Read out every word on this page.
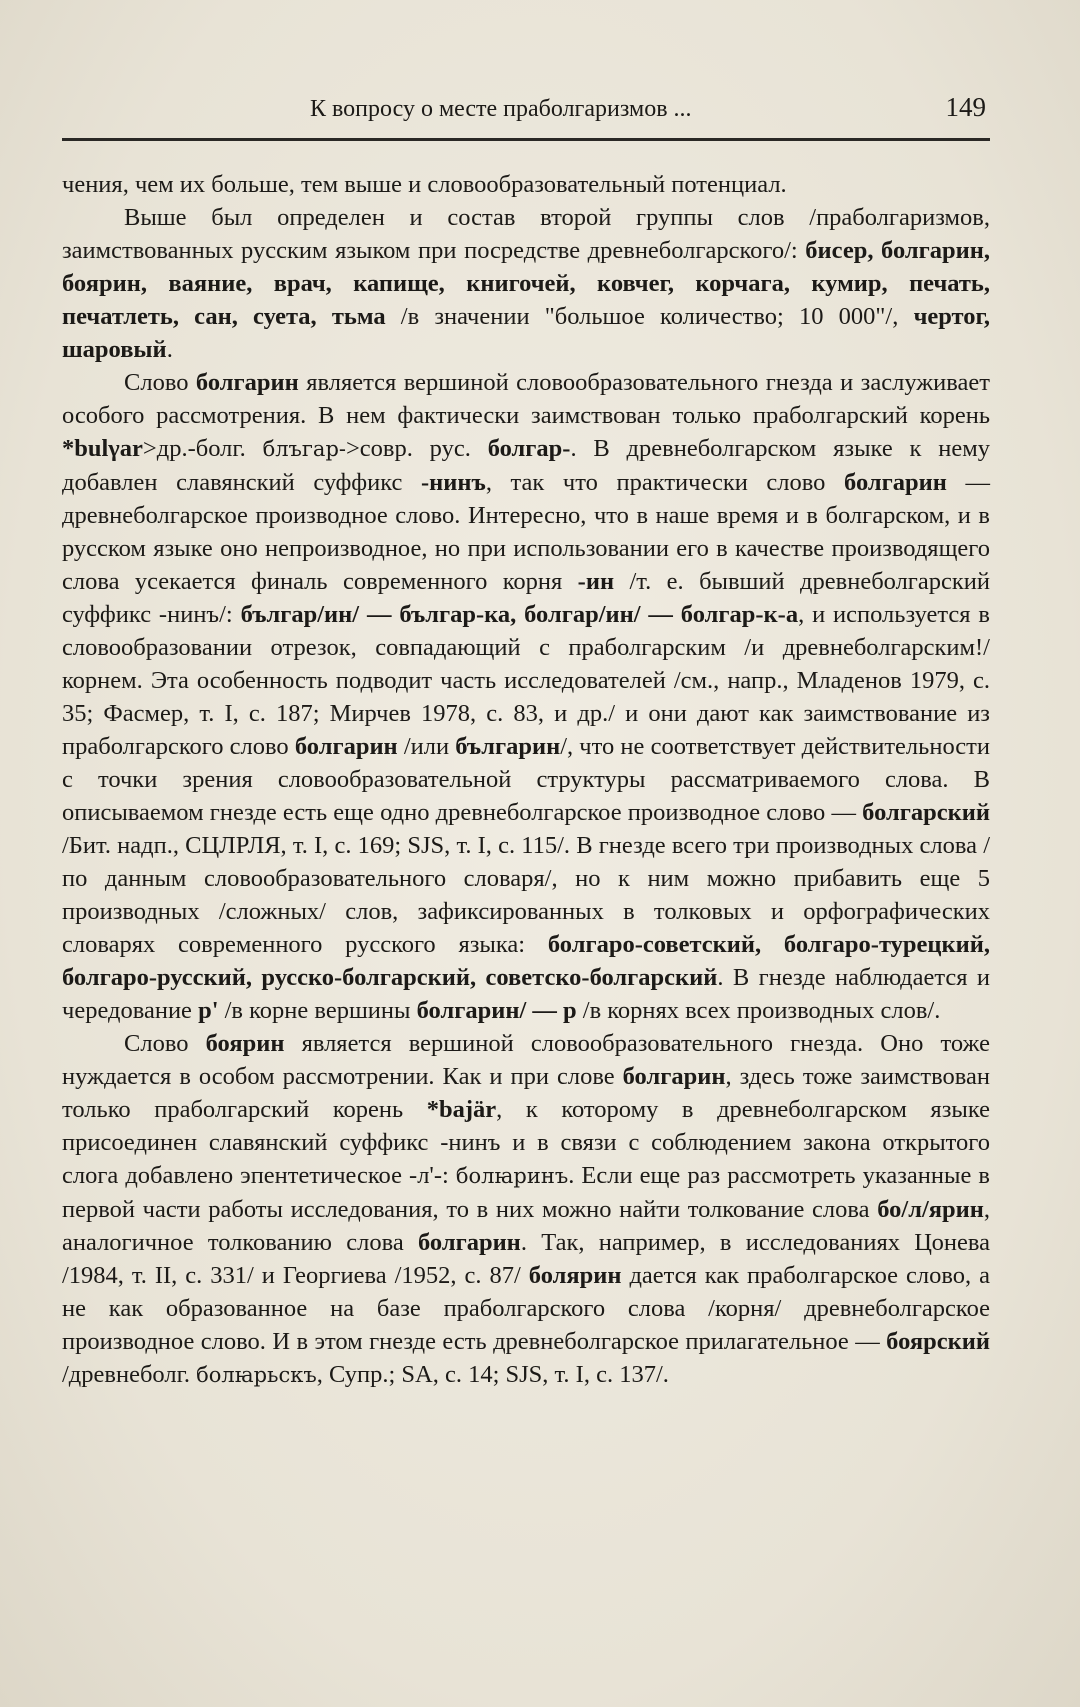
К вопросу о месте праболгаризмов ...	149

чения, чем их больше, тем выше и словообразовательный потенциал.

Выше был определен и состав второй группы слов /праболгаризмов, заимствованных русским языком при посредстве древнеболгарского/: бисер, болгарин, боярин, ваяние, врач, капище, книгочей, ковчег, корчага, кумир, печать, печатлеть, сан, суета, тьма /в значении "большое количество; 10 000"/, чертог, шаровый.

Слово болгарин является вершиной словообразовательного гнезда и заслуживает особого рассмотрения. В нем фактически заимствован только праболгарский корень *bulγar>др.-болг. блъгар->совр. рус. болгар-. В древнеболгарском языке к нему добавлен славянский суффикс -нинъ, так что практически слово болгарин — древнеболгарское производное слово. Интересно, что в наше время и в болгарском, и в русском языке оно непроизводное, но при использовании его в качестве производящего слова усекается финаль современного корня -ин /т. е. бывший древнеболгарский суффикс -нинъ/: българ/ин/ — българ-ка, болгар/ин/ — болгар-к-а, и используется в словообразовании отрезок, совпадающий с праболгарским /и древнеболгарским!/ корнем. Эта особенность подводит часть исследователей /см., напр., Младенов 1979, с. 35; Фасмер, т. I, с. 187; Мирчев 1978, с. 83, и др./ и они дают как заимствование из праболгарского слово болгарин /или българин/, что не соответствует действительности с точки зрения словообразовательной структуры рассматриваемого слова. В описываемом гнезде есть еще одно древнеболгарское производное слово — болгарский /Бит. надп., СЦЛРЛЯ, т. I, с. 169; SJS, т. I, с. 115/. В гнезде всего три производных слова /по данным словообразовательного словаря/, но к ним можно прибавить еще 5 производных /сложных/ слов, зафиксированных в толковых и орфографических словарях современного русского языка: болгаро-советский, болгаро-турецкий, болгаро-русский, русско-болгарский, советско-болгарский. В гнезде наблюдается и чередование р' /в корне вершины болгарин/ — р /в корнях всех производных слов/.

Слово боярин является вершиной словообразовательного гнезда. Оно тоже нуждается в особом рассмотрении. Как и при слове болгарин, здесь тоже заимствован только праболгарский корень *bajär, к которому в древнеболгарском языке присоединен славянский суффикс -нинъ и в связи с соблюдением закона открытого слога добавлено эпентетическое -л'-: болꙗринъ. Если еще раз рассмотреть указанные в первой части работы исследования, то в них можно найти толкование слова бо/л/ярин, аналогичное толкованию слова болгарин. Так, например, в исследованиях Цонева /1984, т. II, с. 331/ и Георгиева /1952, с. 87/ болярин дается как праболгарское слово, а не как образованное на базе праболгарского слова /корня/ древнеболгарское производное слово. И в этом гнезде есть древнеболгарское прилагательное — боярский /древнеболг. болꙗрьскъ, Супр.; SA, с. 14; SJS, т. I, с. 137/.
